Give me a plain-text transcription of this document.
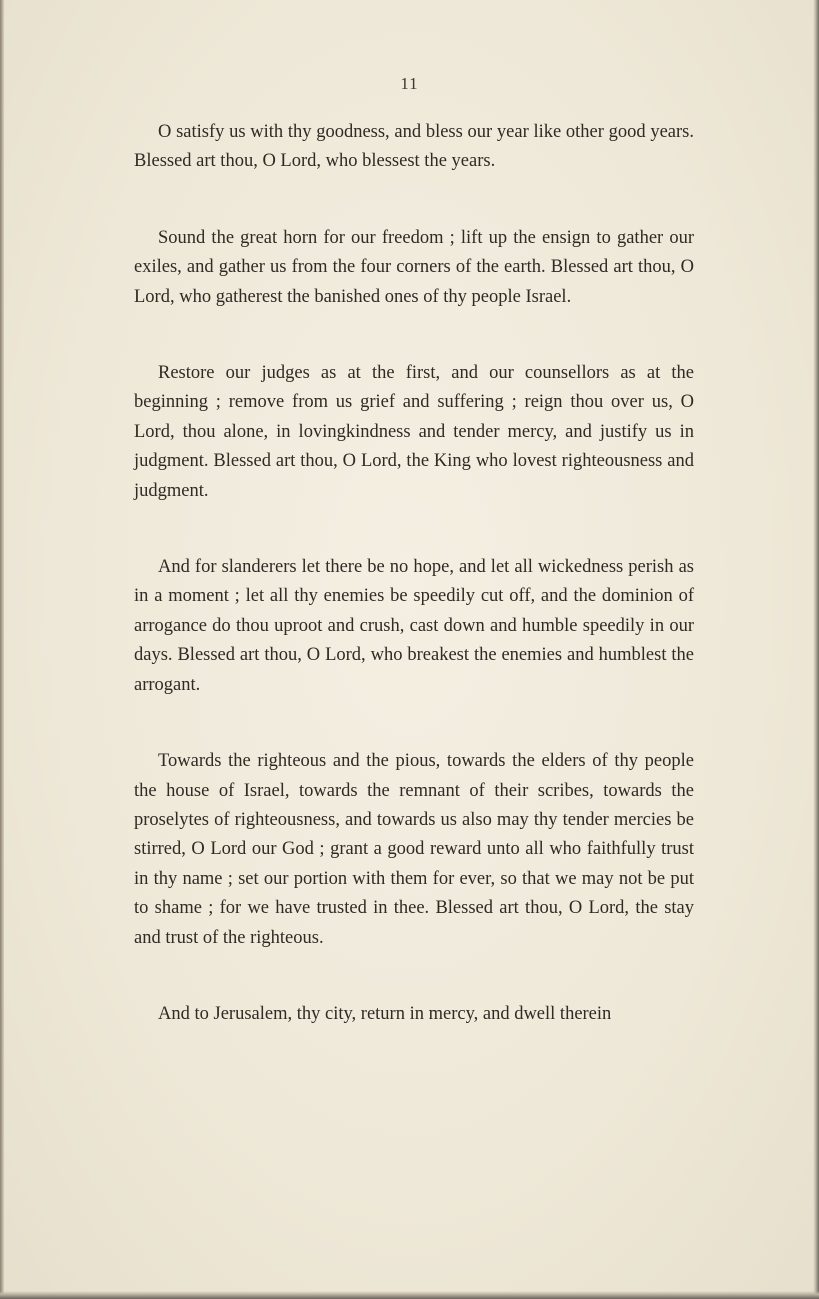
11

O satisfy us with thy goodness, and bless our year like other good years. Blessed art thou, O Lord, who blessest the years.

Sound the great horn for our freedom ; lift up the ensign to gather our exiles, and gather us from the four corners of the earth. Blessed art thou, O Lord, who gatherest the banished ones of thy people Israel.

Restore our judges as at the first, and our counsellors as at the beginning ; remove from us grief and suffering ; reign thou over us, O Lord, thou alone, in lovingkindness and tender mercy, and justify us in judgment. Blessed art thou, O Lord, the King who lovest righteousness and judgment.

And for slanderers let there be no hope, and let all wickedness perish as in a moment ; let all thy enemies be speedily cut off, and the dominion of arrogance do thou uproot and crush, cast down and humble speedily in our days. Blessed art thou, O Lord, who breakest the enemies and humblest the arrogant.

Towards the righteous and the pious, towards the elders of thy people the house of Israel, towards the remnant of their scribes, towards the proselytes of righteousness, and towards us also may thy tender mercies be stirred, O Lord our God ; grant a good reward unto all who faithfully trust in thy name ; set our portion with them for ever, so that we may not be put to shame ; for we have trusted in thee. Blessed art thou, O Lord, the stay and trust of the righteous.

And to Jerusalem, thy city, return in mercy, and dwell therein
